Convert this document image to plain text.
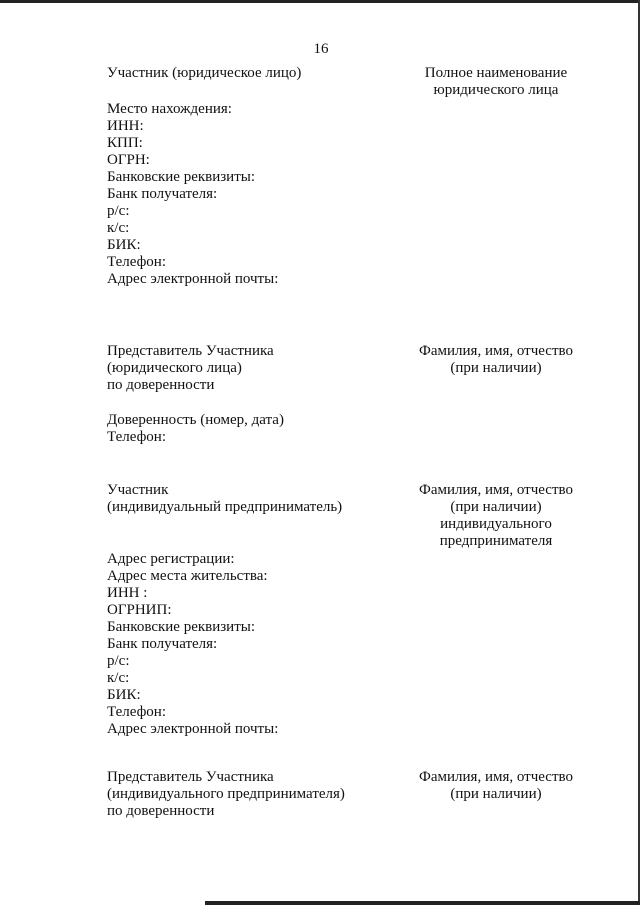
16
Участник (юридическое лицо)	Полное наименование
юридического лица
Место нахождения:
ИНН:
КПП:
ОГРН:
Банковские реквизиты:
Банк получателя:
р/с:
к/с:
БИК:
Телефон:
Адрес электронной почты:
Представитель Участника
(юридического лица)
по доверенности
Фамилия, имя, отчество
(при наличии)
Доверенность (номер, дата)
Телефон:
Участник
(индивидуальный предприниматель)
Фамилия, имя, отчество
(при наличии)
индивидуального
предпринимателя
Адрес регистрации:
Адрес места жительства:
ИНН :
ОГРНИП:
Банковские реквизиты:
Банк получателя:
р/с:
к/с:
БИК:
Телефон:
Адрес электронной почты:
Представитель Участника
(индивидуального предпринимателя)
по доверенности
Фамилия, имя, отчество
(при наличии)
